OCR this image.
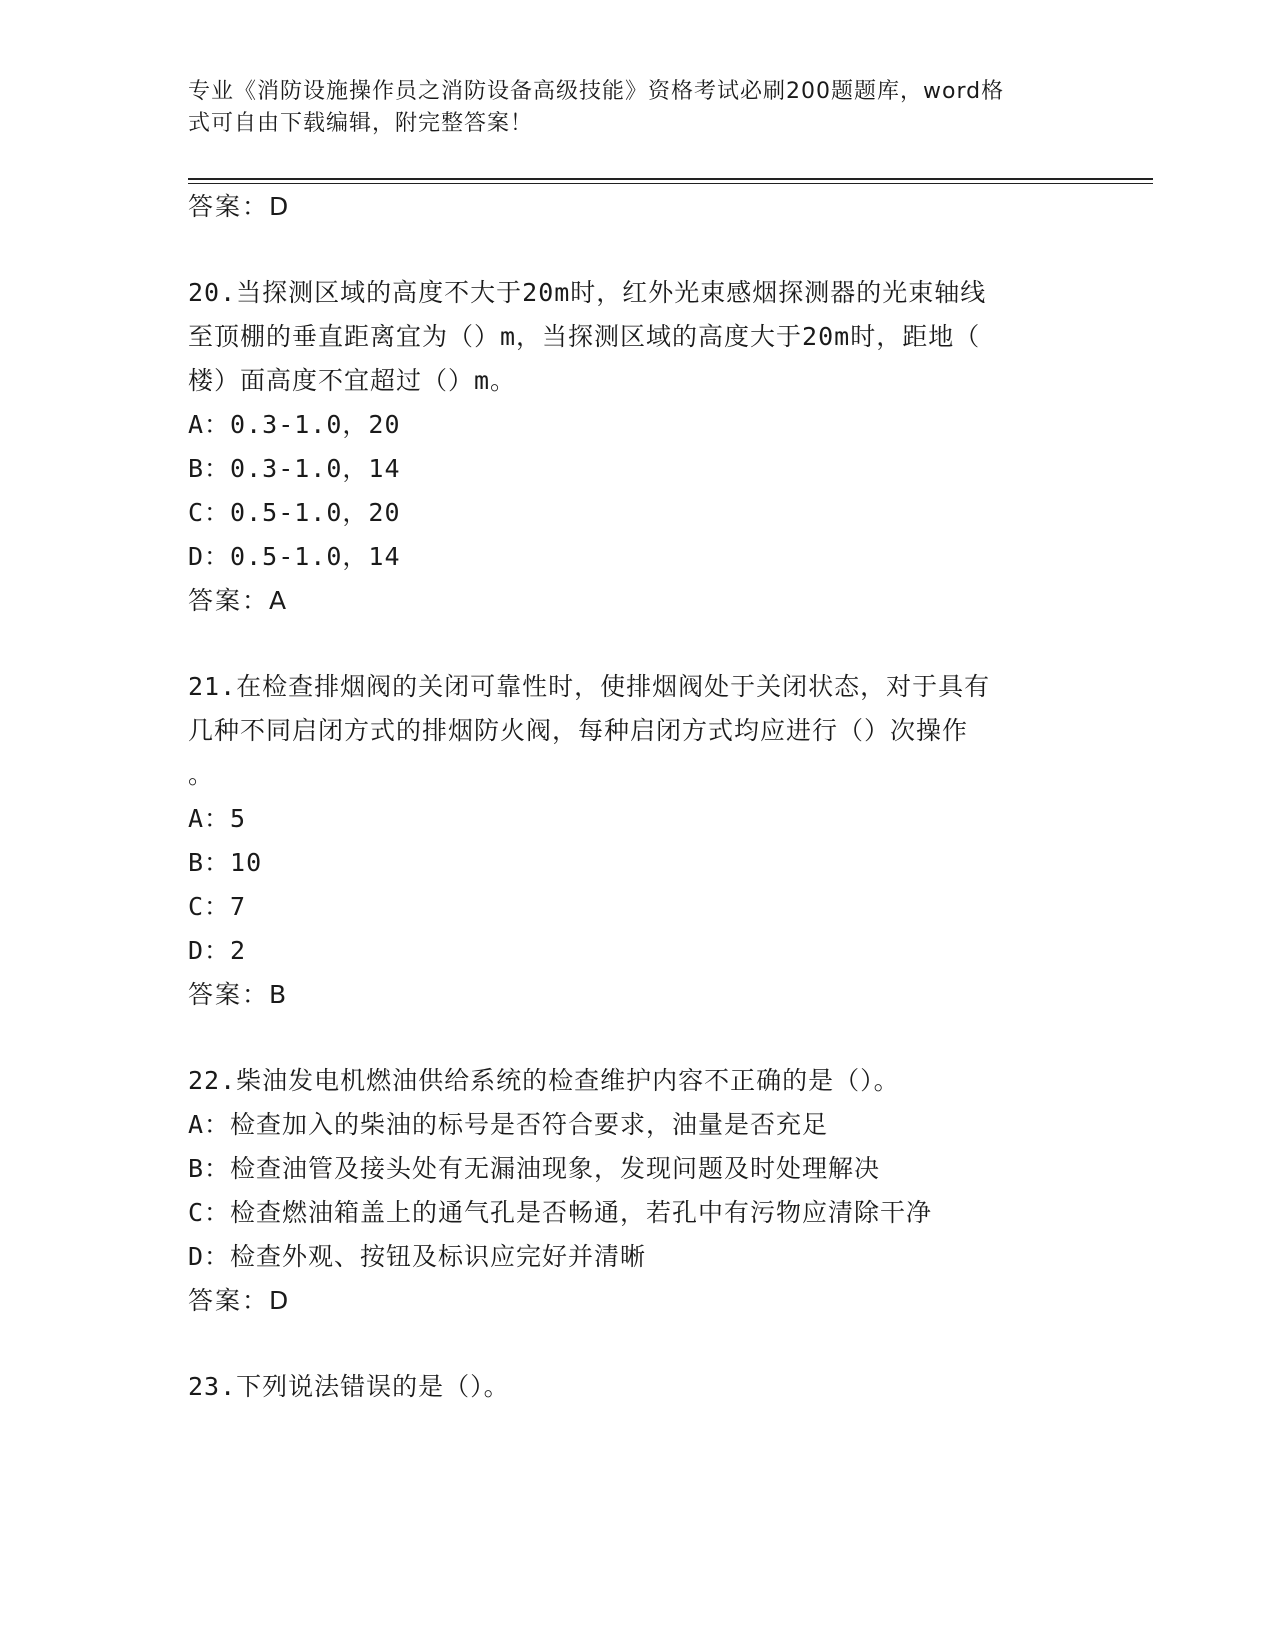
专业《消防设施操作员之消防设备高级技能》资格考试必刷200题题库，word格
式可自由下载编辑，附完整答案！
答案：D
20.当探测区域的高度不大于20m时，红外光束感烟探测器的光束轴线
至顶棚的垂直距离宜为（）m，当探测区域的高度大于20m时，距地（
楼）面高度不宜超过（）m。
A：0.3-1.0，20
B：0.3-1.0，14
C：0.5-1.0，20
D：0.5-1.0，14
答案：A
21.在检查排烟阀的关闭可靠性时，使排烟阀处于关闭状态，对于具有
几种不同启闭方式的排烟防火阀，每种启闭方式均应进行（）次操作
。
A：5
B：10
C：7
D：2
答案：B
22.柴油发电机燃油供给系统的检查维护内容不正确的是（）。
A：检查加入的柴油的标号是否符合要求，油量是否充足
B：检查油管及接头处有无漏油现象，发现问题及时处理解决
C：检查燃油箱盖上的通气孔是否畅通，若孔中有污物应清除干净
D：检查外观、按钮及标识应完好并清晰
答案：D
23.下列说法错误的是（）。
